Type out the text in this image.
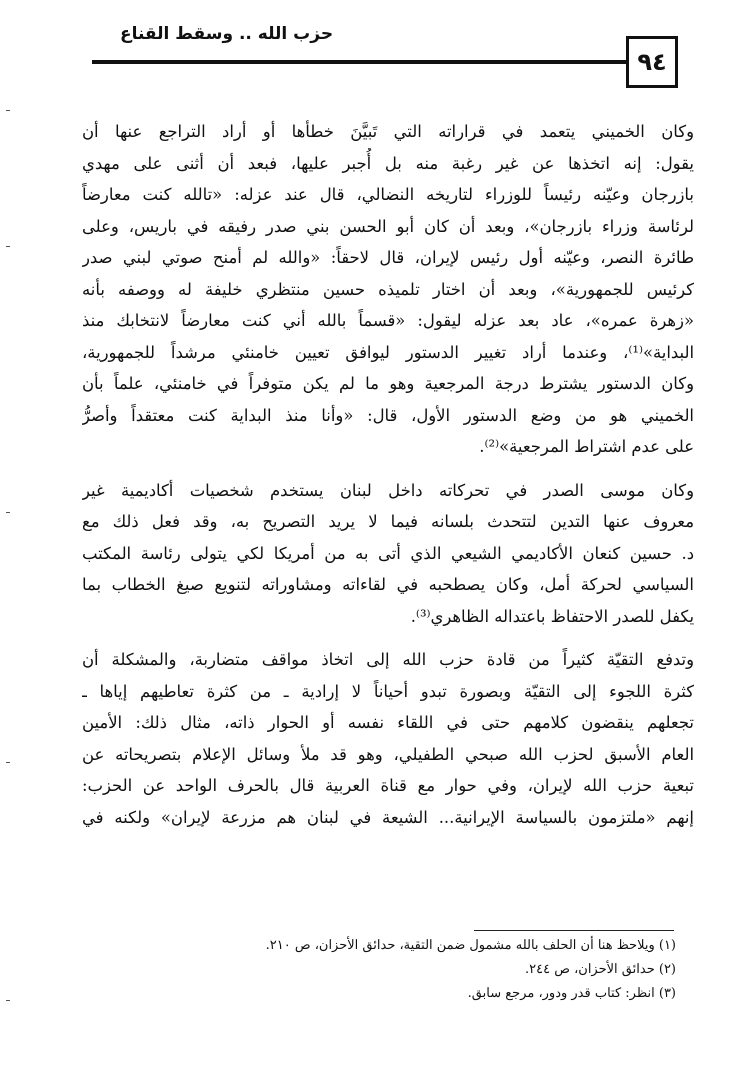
حزب الله .. وسقط القناع
٩٤
وكان الخميني يتعمد في قراراته التي تَبيَّنَ خطأها أو أراد التراجع عنها أن
يقول: إنه اتخذها عن غير رغبة منه بل أُجبر عليها، فبعد أن أثنى على مهدي
بازرجان وعيّنه رئيساً للوزراء لتاريخه النضالي، قال عند عزله: «تالله كنت معارضاً
لرئاسة وزراء بازرجان»، وبعد أن كان أبو الحسن بني صدر رفيقه في باريس، وعلى
طائرة النصر، وعيّنه أول رئيس لإيران، قال لاحقاً: «والله لم أمنح صوتي لبني صدر
كرئيس للجمهورية»، وبعد أن اختار تلميذه حسين منتظري خليفة له ووصفه بأنه
«زهرة عمره»، عاد بعد عزله ليقول: «قسماً بالله أني كنت معارضاً لانتخابك منذ
البداية»⁽¹⁾، وعندما أراد تغيير الدستور ليوافق تعيين خامنئي مرشداً للجمهورية،
وكان الدستور يشترط درجة المرجعية وهو ما لم يكن متوفراً في خامنئي، علماً بأن
الخميني هو من وضع الدستور الأول، قال: «وأنا منذ البداية كنت معتقداً وأصرُّ
على عدم اشتراط المرجعية»⁽²⁾.
وكان موسى الصدر في تحركاته داخل لبنان يستخدم شخصيات أكاديمية غير
معروف عنها التدين لتتحدث بلسانه فيما لا يريد التصريح به، وقد فعل ذلك مع
د. حسين كنعان الأكاديمي الشيعي الذي أتى به من أمريكا لكي يتولى رئاسة المكتب
السياسي لحركة أمل، وكان يصطحبه في لقاءاته ومشاوراته لتنويع صيغ الخطاب بما
يكفل للصدر الاحتفاظ باعتداله الظاهري⁽³⁾.
وتدفع التقيّة كثيراً من قادة حزب الله إلى اتخاذ مواقف متضاربة، والمشكلة أن
كثرة اللجوء إلى التقيّة وبصورة تبدو أحياناً لا إرادية ـ من كثرة تعاطيهم إياها ـ
تجعلهم ينقضون كلامهم حتى في اللقاء نفسه أو الحوار ذاته، مثال ذلك: الأمين
العام الأسبق لحزب الله صبحي الطفيلي، وهو قد ملأ وسائل الإعلام بتصريحاته عن
تبعية حزب الله لإيران، وفي حوار مع قناة العربية قال بالحرف الواحد عن الحزب:
إنهم «ملتزمون بالسياسة الإيرانية... الشيعة في لبنان هم مزرعة لإيران» ولكنه في
(١) ويلاحظ هنا أن الحلف بالله مشمول ضمن التقية، حدائق الأحزان، ص ٢١٠.
(٢) حدائق الأحزان، ص ٢٤٤.
(٣) انظر: كتاب قدر ودور، مرجع سابق.
